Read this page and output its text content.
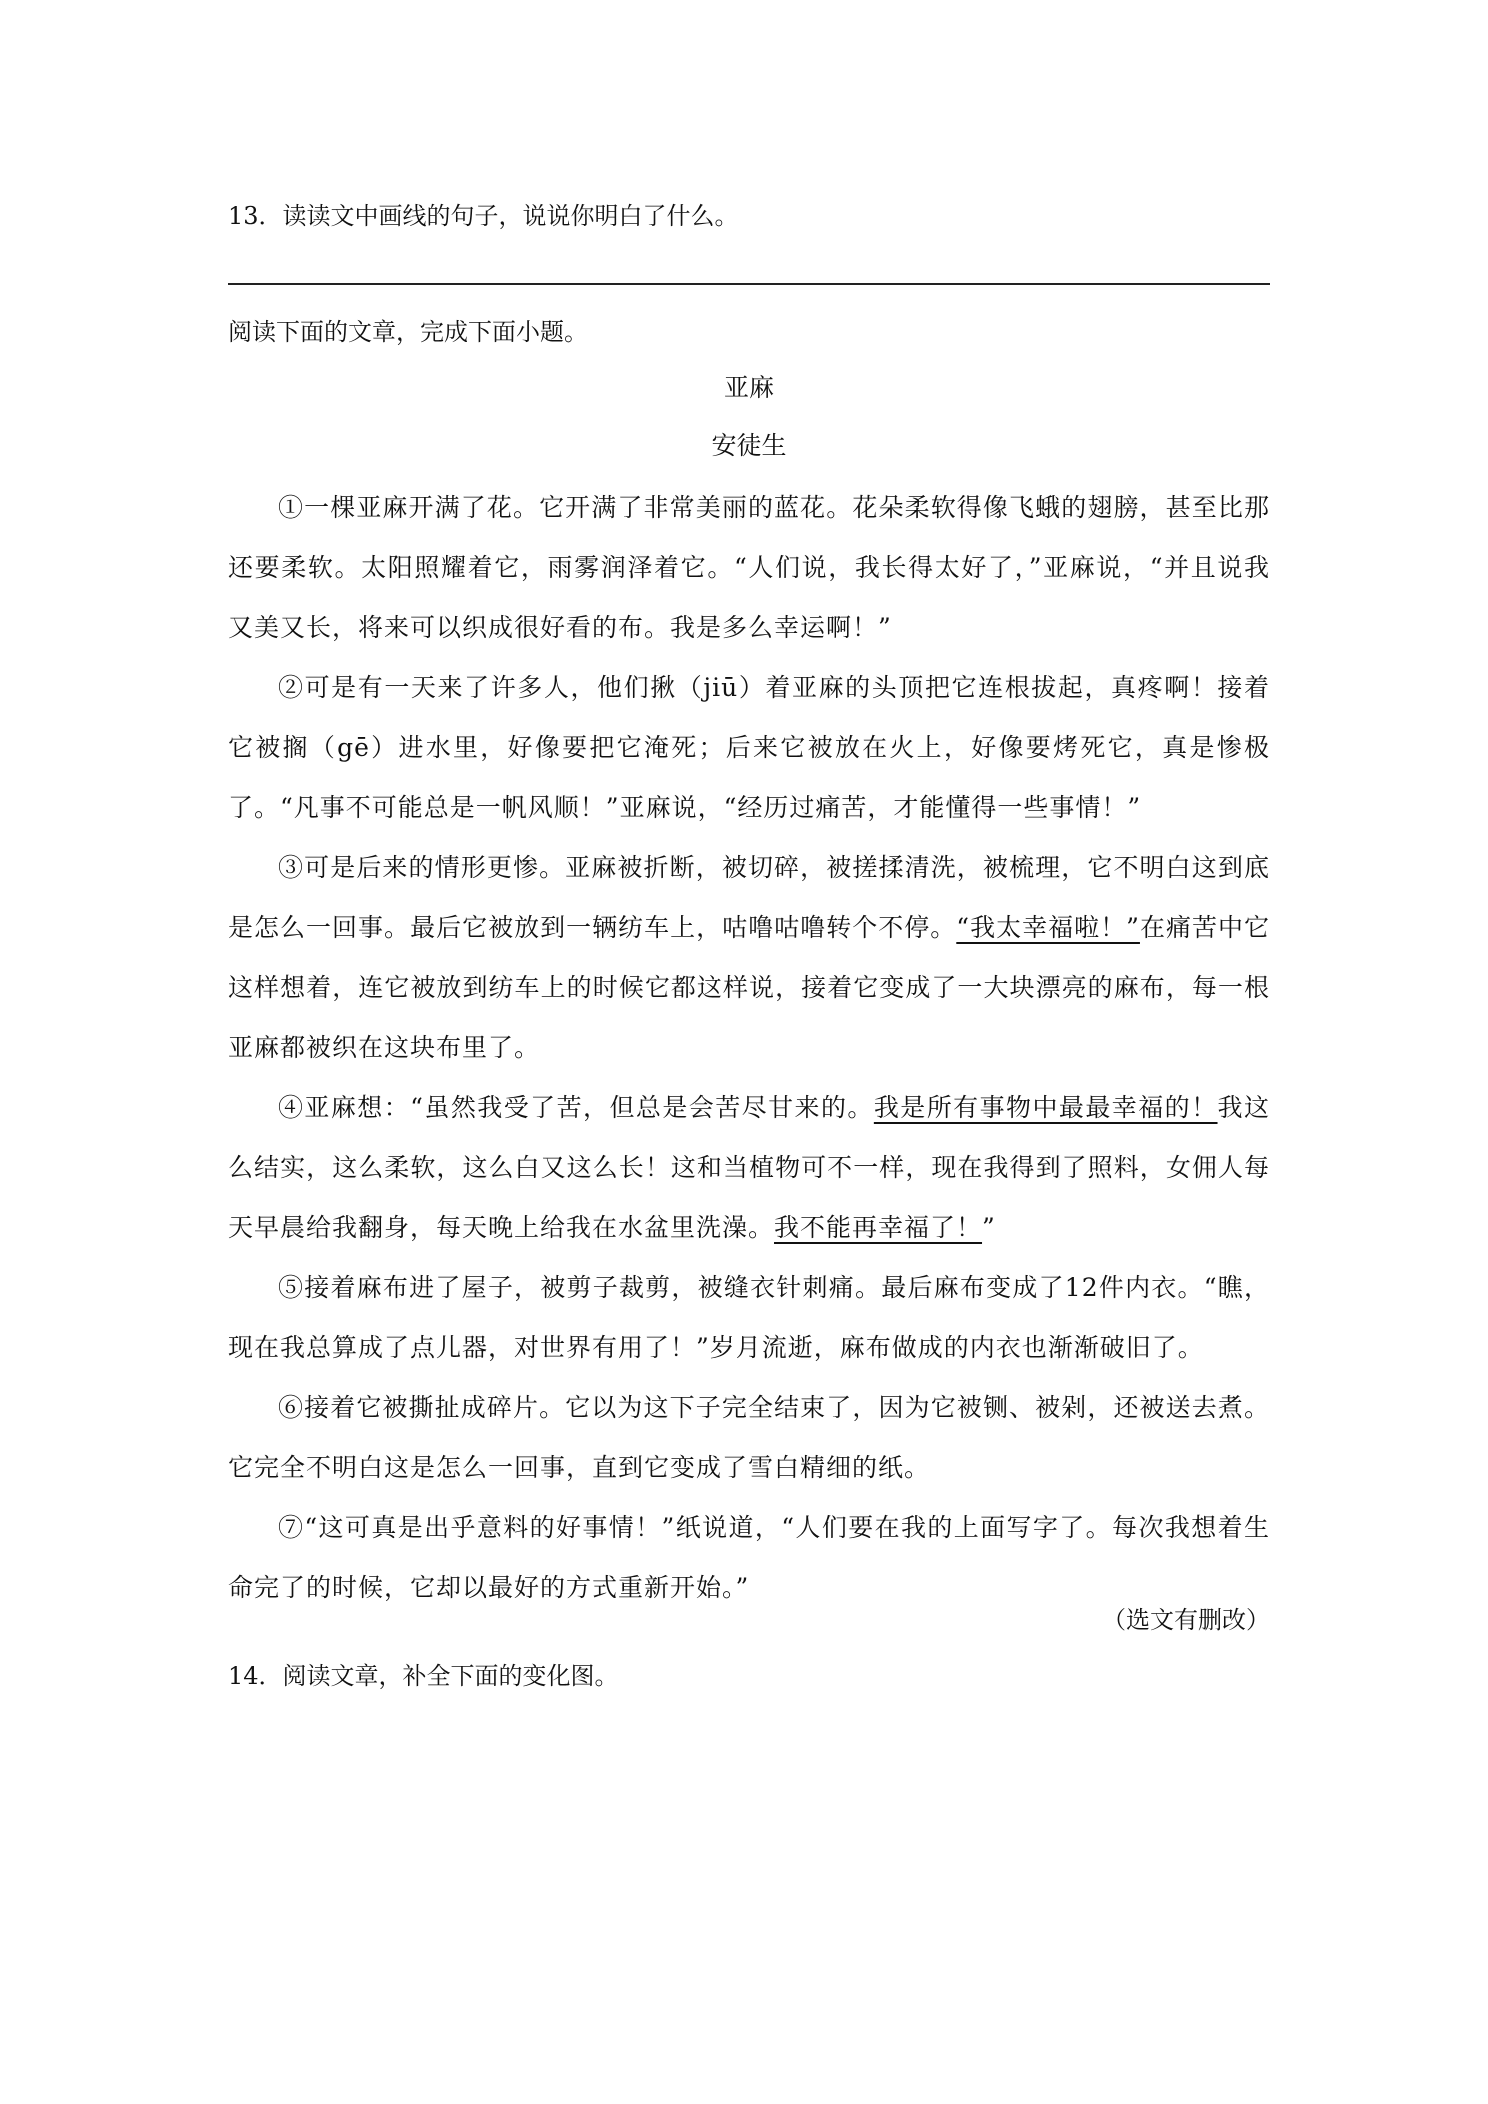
13．读读文中画线的句子，说说你明白了什么。
阅读下面的文章，完成下面小题。
亚麻
安徒生

①一棵亚麻开满了花。它开满了非常美丽的蓝花。花朵柔软得像飞蛾的翅膀，甚至比那还要柔软。太阳照耀着它，雨雾润泽着它。“人们说，我长得太好了，”亚麻说，“并且说我又美又长，将来可以织成很好看的布。我是多么幸运啊！”

②可是有一天来了许多人，他们揪（jiū）着亚麻的头顶把它连根拔起，真疼啊！接着它被搁（gē）进水里，好像要把它淹死；后来它被放在火上，好像要烤死它，真是惨极了。“凡事不可能总是一帆风顺！”亚麻说，“经历过痛苦，才能懂得一些事情！”

③可是后来的情形更惨。亚麻被折断，被切碎，被搓揉清洗，被梳理，它不明白这到底是怎么一回事。最后它被放到一辆纺车上，咕噜咕噜转个不停。“我太幸福啦！”在痛苦中它这样想着，连它被放到纺车上的时候它都这样说，接着它变成了一大块漂亮的麻布，每一根亚麻都被织在这块布里了。

④亚麻想：“虽然我受了苦，但总是会苦尽甘来的。我是所有事物中最最幸福的！我这么结实，这么柔软，这么白又这么长！这和当植物可不一样，现在我得到了照料，女佣人每天早晨给我翻身，每天晚上给我在水盆里洗澡。我不能再幸福了！”

⑤接着麻布进了屋子，被剪子裁剪，被缝衣针刺痛。最后麻布变成了12件内衣。“瞧，现在我总算成了点儿器，对世界有用了！”岁月流逝，麻布做成的内衣也渐渐破旧了。

⑥接着它被撕扯成碎片。它以为这下子完全结束了，因为它被铡、被剁，还被送去煮。它完全不明白这是怎么一回事，直到它变成了雪白精细的纸。

⑦“这可真是出乎意料的好事情！”纸说道，“人们要在我的上面写字了。每次我想着生命完了的时候，它却以最好的方式重新开始。”

（选文有删改）
14．阅读文章，补全下面的变化图。
